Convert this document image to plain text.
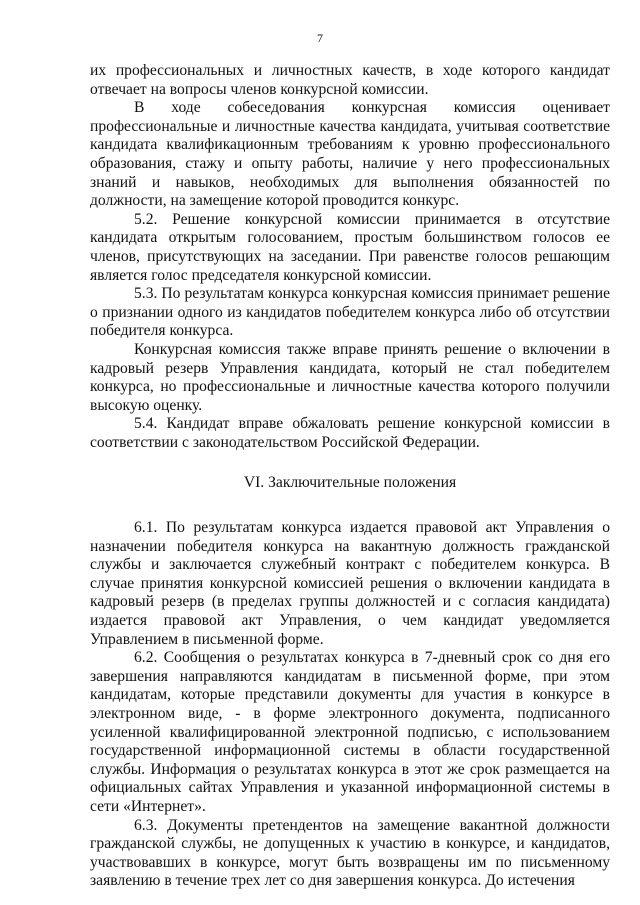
7

их профессиональных и личностных качеств, в ходе которого кандидат отвечает на вопросы членов конкурсной комиссии.

В ходе собеседования конкурсная комиссия оценивает профессиональные и личностные качества кандидата, учитывая соответствие кандидата квалификационным требованиям к уровню профессионального образования, стажу и опыту работы, наличие у него профессиональных знаний и навыков, необходимых для выполнения обязанностей по должности, на замещение которой проводится конкурс.

5.2. Решение конкурсной комиссии принимается в отсутствие кандидата открытым голосованием, простым большинством голосов ее членов, присутствующих на заседании. При равенстве голосов решающим является голос председателя конкурсной комиссии.

5.3. По результатам конкурса конкурсная комиссия принимает решение о признании одного из кандидатов победителем конкурса либо об отсутствии победителя конкурса.

Конкурсная комиссия также вправе принять решение о включении в кадровый резерв Управления кандидата, который не стал победителем конкурса, но профессиональные и личностные качества которого получили высокую оценку.

5.4. Кандидат вправе обжаловать решение конкурсной комиссии в соответствии с законодательством Российской Федерации.

VI. Заключительные положения

6.1. По результатам конкурса издается правовой акт Управления о назначении победителя конкурса на вакантную должность гражданской службы и заключается служебный контракт с победителем конкурса. В случае принятия конкурсной комиссией решения о включении кандидата в кадровый резерв (в пределах группы должностей и с согласия кандидата) издается правовой акт Управления, о чем кандидат уведомляется Управлением в письменной форме.

6.2. Сообщения о результатах конкурса в 7-дневный срок со дня его завершения направляются кандидатам в письменной форме, при этом кандидатам, которые представили документы для участия в конкурсе в электронном виде, - в форме электронного документа, подписанного усиленной квалифицированной электронной подписью, с использованием государственной информационной системы в области государственной службы. Информация о результатах конкурса в этот же срок размещается на официальных сайтах Управления и указанной информационной системы в сети «Интернет».

6.3. Документы претендентов на замещение вакантной должности гражданской службы, не допущенных к участию в конкурсе, и кандидатов, участвовавших в конкурсе, могут быть возвращены им по письменному заявлению в течение трех лет со дня завершения конкурса. До истечения
